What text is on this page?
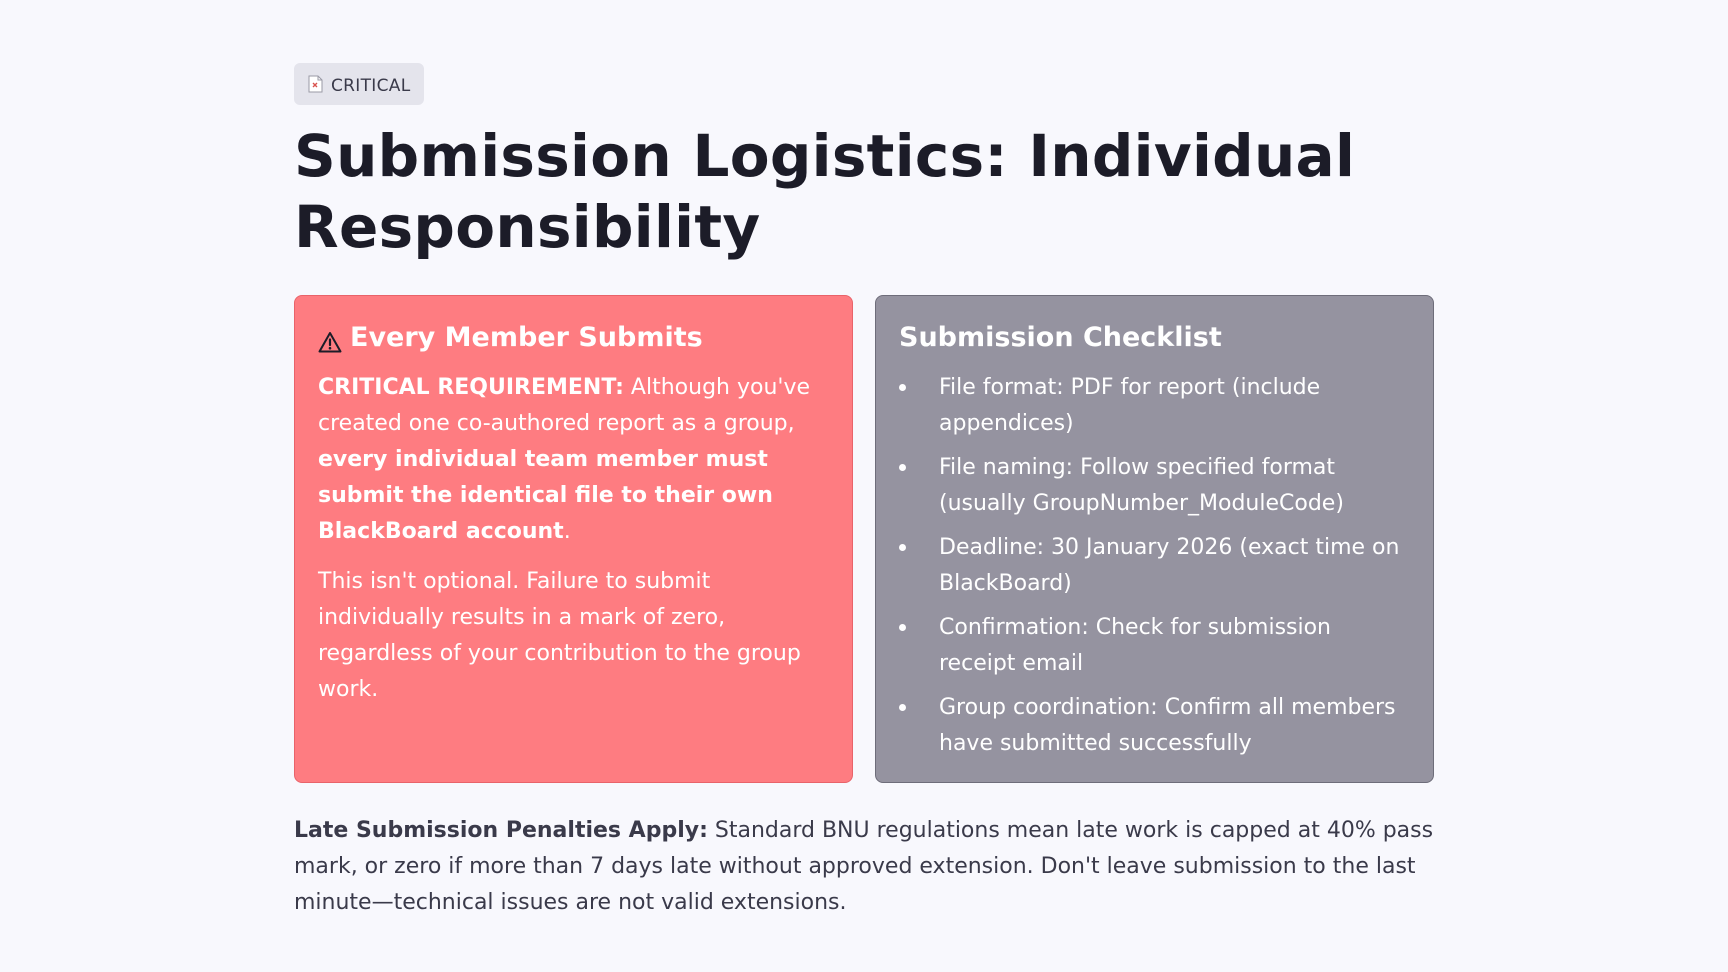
CRITICAL
Submission Logistics: Individual Responsibility
Every Member Submits

CRITICAL REQUIREMENT: Although you've created one co-authored report as a group, every individual team member must submit the identical file to their own BlackBoard account.

This isn't optional. Failure to submit individually results in a mark of zero, regardless of your contribution to the group work.

Submission Checklist
File format: PDF for report (include appendices)
File naming: Follow specified format (usually GroupNumber_ModuleCode)
Deadline: 30 January 2026 (exact time on BlackBoard)
Confirmation: Check for submission receipt email
Group coordination: Confirm all members have submitted successfully

Late Submission Penalties Apply: Standard BNU regulations mean late work is capped at 40% pass mark, or zero if more than 7 days late without approved extension. Don't leave submission to the last minute—technical issues are not valid extensions.
